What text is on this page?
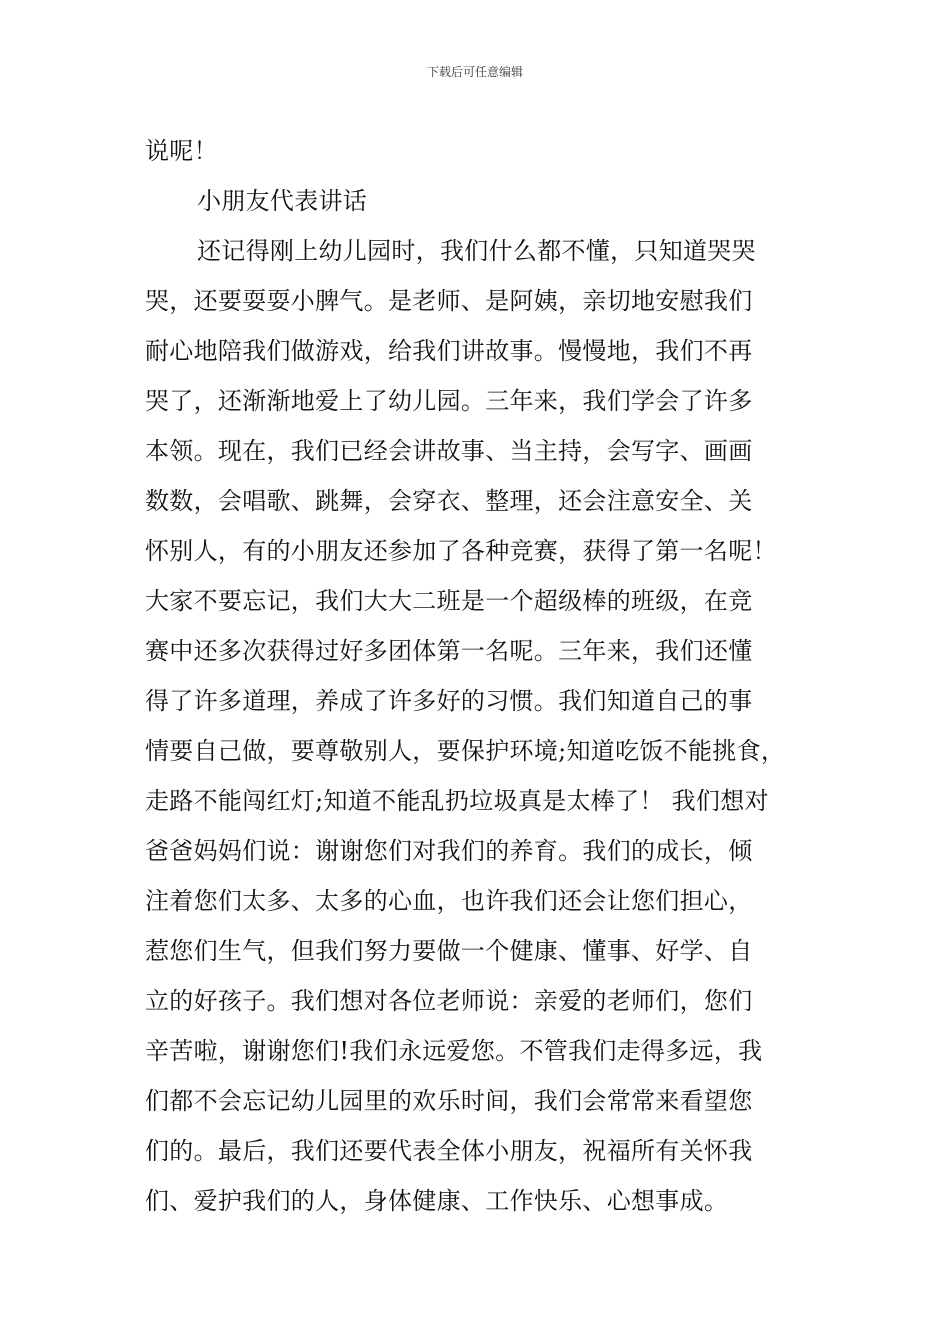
下载后可任意编辑
说呢！
小朋友代表讲话
还记得刚上幼儿园时，我们什么都不懂，只知道哭哭
哭，还要耍耍小脾气。是老师、是阿姨，亲切地安慰我们
耐心地陪我们做游戏，给我们讲故事。慢慢地，我们不再
哭了，还渐渐地爱上了幼儿园。三年来，我们学会了许多
本领。现在，我们已经会讲故事、当主持，会写字、画画
数数，会唱歌、跳舞，会穿衣、整理，还会注意安全、关
怀别人，有的小朋友还参加了各种竞赛，获得了第一名呢！
大家不要忘记，我们大大二班是一个超级棒的班级，在竞
赛中还多次获得过好多团体第一名呢。三年来，我们还懂
得了许多道理，养成了许多好的习惯。我们知道自己的事
情要自己做，要尊敬别人，要保护环境;知道吃饭不能挑食，
走路不能闯红灯;知道不能乱扔垃圾真是太棒了！ 我们想对
爸爸妈妈们说：谢谢您们对我们的养育。我们的成长，倾
注着您们太多、太多的心血，也许我们还会让您们担心，
惹您们生气，但我们努力要做一个健康、懂事、好学、自
立的好孩子。我们想对各位老师说：亲爱的老师们，您们
辛苦啦，谢谢您们!我们永远爱您。不管我们走得多远，我
们都不会忘记幼儿园里的欢乐时间，我们会常常来看望您
们的。最后，我们还要代表全体小朋友，祝福所有关怀我
们、爱护我们的人，身体健康、工作快乐、心想事成。
